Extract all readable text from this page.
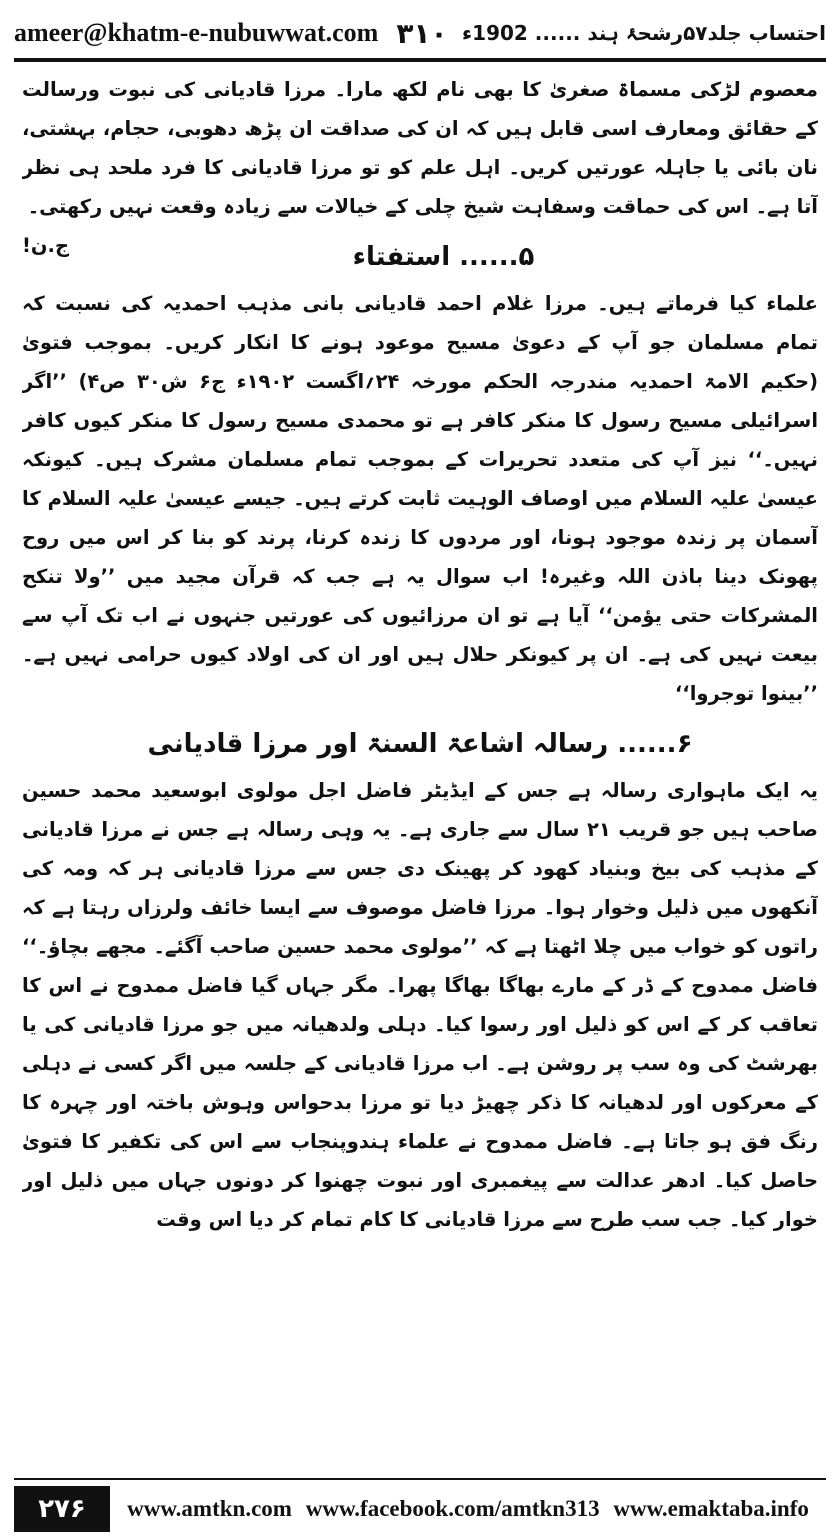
ameer@khatm-e-nubuwwat.com ۳۱۰ احتساب جلد۵۷رشحۂ ہند ...... 1902ء

معصوم لڑکی مسماۃ صغریٰ کا بھی نام لکھ مارا۔ مرزا قادیانی کی نبوت ورسالت کے حقائق ومعارف اسی قابل ہیں کہ ان کی صداقت ان پڑھ دھوبی، حجام، بہشتی، نان بائی یا جاہلہ عورتیں کریں۔ اہل علم کو تو مرزا قادیانی کا فرد ملحد ہی نظر آتا ہے۔ اس کی حماقت وسفاہت شیخ چلی کے خیالات سے زیادہ وقعت نہیں رکھتی۔
ج.ن!	۵...... استفتاء

علماء کیا فرماتے ہیں۔ مرزا غلام احمد قادیانی بانی مذہب احمدیہ کی نسبت کہ تمام مسلمان جو آپ کے دعویٰ مسیح موعود ہونے کا انکار کریں۔ بموجب فتویٰ (حکیم الامۃ احمدیہ مندرجہ الحکم مورخہ ۲۴؍اگست ۱۹۰۲ء ج۶ ش۳۰ ص۴) ’’اگر اسرائیلی مسیح رسول کا منکر کافر ہے تو محمدی مسیح رسول کا منکر کیوں کافر نہیں۔‘‘ نیز آپ کی متعدد تحریرات کے بموجب تمام مسلمان مشرک ہیں۔ کیونکہ عیسیٰ علیہ السلام میں اوصاف الوہیت ثابت کرتے ہیں۔ جیسے عیسیٰ علیہ السلام کا آسمان پر زندہ موجود ہونا، اور مردوں کا زندہ کرنا، پرند کو بنا کر اس میں روح پھونک دینا باذن اللہ وغیرہ! اب سوال یہ ہے جب کہ قرآن مجید میں ’’ولا تنکح المشرکات حتی یؤمن‘‘ آیا ہے تو ان مرزائیوں کی عورتیں جنہوں نے اب تک آپ سے بیعت نہیں کی ہے۔ ان پر کیونکر حلال ہیں اور ان کی اولاد کیوں حرامی نہیں ہے۔ ’’بینوا توجروا‘‘

۶...... رسالہ اشاعۃ السنۃ اور مرزا قادیانی

یہ ایک ماہواری رسالہ ہے جس کے ایڈیٹر فاضل اجل مولوی ابوسعید محمد حسین صاحب ہیں جو قریب ۲۱ سال سے جاری ہے۔ یہ وہی رسالہ ہے جس نے مرزا قادیانی کے مذہب کی بیخ وبنیاد کھود کر پھینک دی جس سے مرزا قادیانی ہر کہ ومہ کی آنکھوں میں ذلیل وخوار ہوا۔ مرزا فاضل موصوف سے ایسا خائف ولرزاں رہتا ہے کہ راتوں کو خواب میں چلا اٹھتا ہے کہ ’’مولوی محمد حسین صاحب آگئے۔ مجھے بچاؤ۔‘‘ فاضل ممدوح کے ڈر کے مارے بھاگا بھاگا پھرا۔ مگر جہاں گیا فاضل ممدوح نے اس کا تعاقب کر کے اس کو ذلیل اور رسوا کیا۔ دہلی ولدھیانہ میں جو مرزا قادیانی کی یا بھرشٹ کی وہ سب پر روشن ہے۔ اب مرزا قادیانی کے جلسہ میں اگر کسی نے دہلی کے معرکوں اور لدھیانہ کا ذکر چھیڑ دیا تو مرزا بدحواس وہوش باختہ اور چہرہ کا رنگ فق ہو جاتا ہے۔ فاضل ممدوح نے علماء ہندوپنجاب سے اس کی تکفیر کا فتویٰ حاصل کیا۔ ادھر عدالت سے پیغمبری اور نبوت چھنوا کر دونوں جہاں میں ذلیل اور خوار کیا۔ جب سب طرح سے مرزا قادیانی کا کام تمام کر دیا اس وقت

۲۷۶	www.amtkn.com www.facebook.com/amtkn313 www.emaktaba.info
